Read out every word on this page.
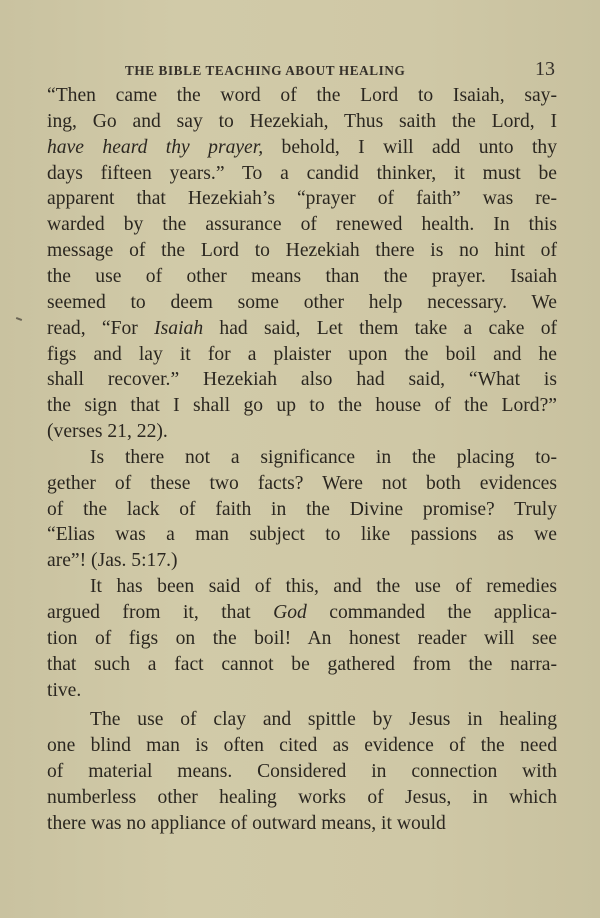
THE BIBLE TEACHING ABOUT HEALING	13
“Then came the word of the Lord to Isaiah, say-
ing, Go and say to Hezekiah, Thus saith the Lord, I
have heard thy prayer, behold, I will add unto thy
days fifteen years.” To a candid thinker, it must be
apparent that Hezekiah’s “prayer of faith” was re-
warded by the assurance of renewed health. In this
message of the Lord to Hezekiah there is no hint of
the use of other means than the prayer. Isaiah
seemed to deem some other help necessary. We
read, “For Isaiah had said, Let them take a cake of
figs and lay it for a plaister upon the boil and he
shall recover.” Hezekiah also had said, “What is
the sign that I shall go up to the house of the Lord?”
(verses 21, 22).
Is there not a significance in the placing to-
gether of these two facts? Were not both evidences
of the lack of faith in the Divine promise? Truly
“Elias was a man subject to like passions as we
are”! (Jas. 5:17.)
It has been said of this, and the use of remedies
argued from it, that God commanded the applica-
tion of figs on the boil! An honest reader will see
that such a fact cannot be gathered from the narra-
tive.
The use of clay and spittle by Jesus in healing
one blind man is often cited as evidence of the need
of material means. Considered in connection with
numberless other healing works of Jesus, in which
there was no appliance of outward means, it would
